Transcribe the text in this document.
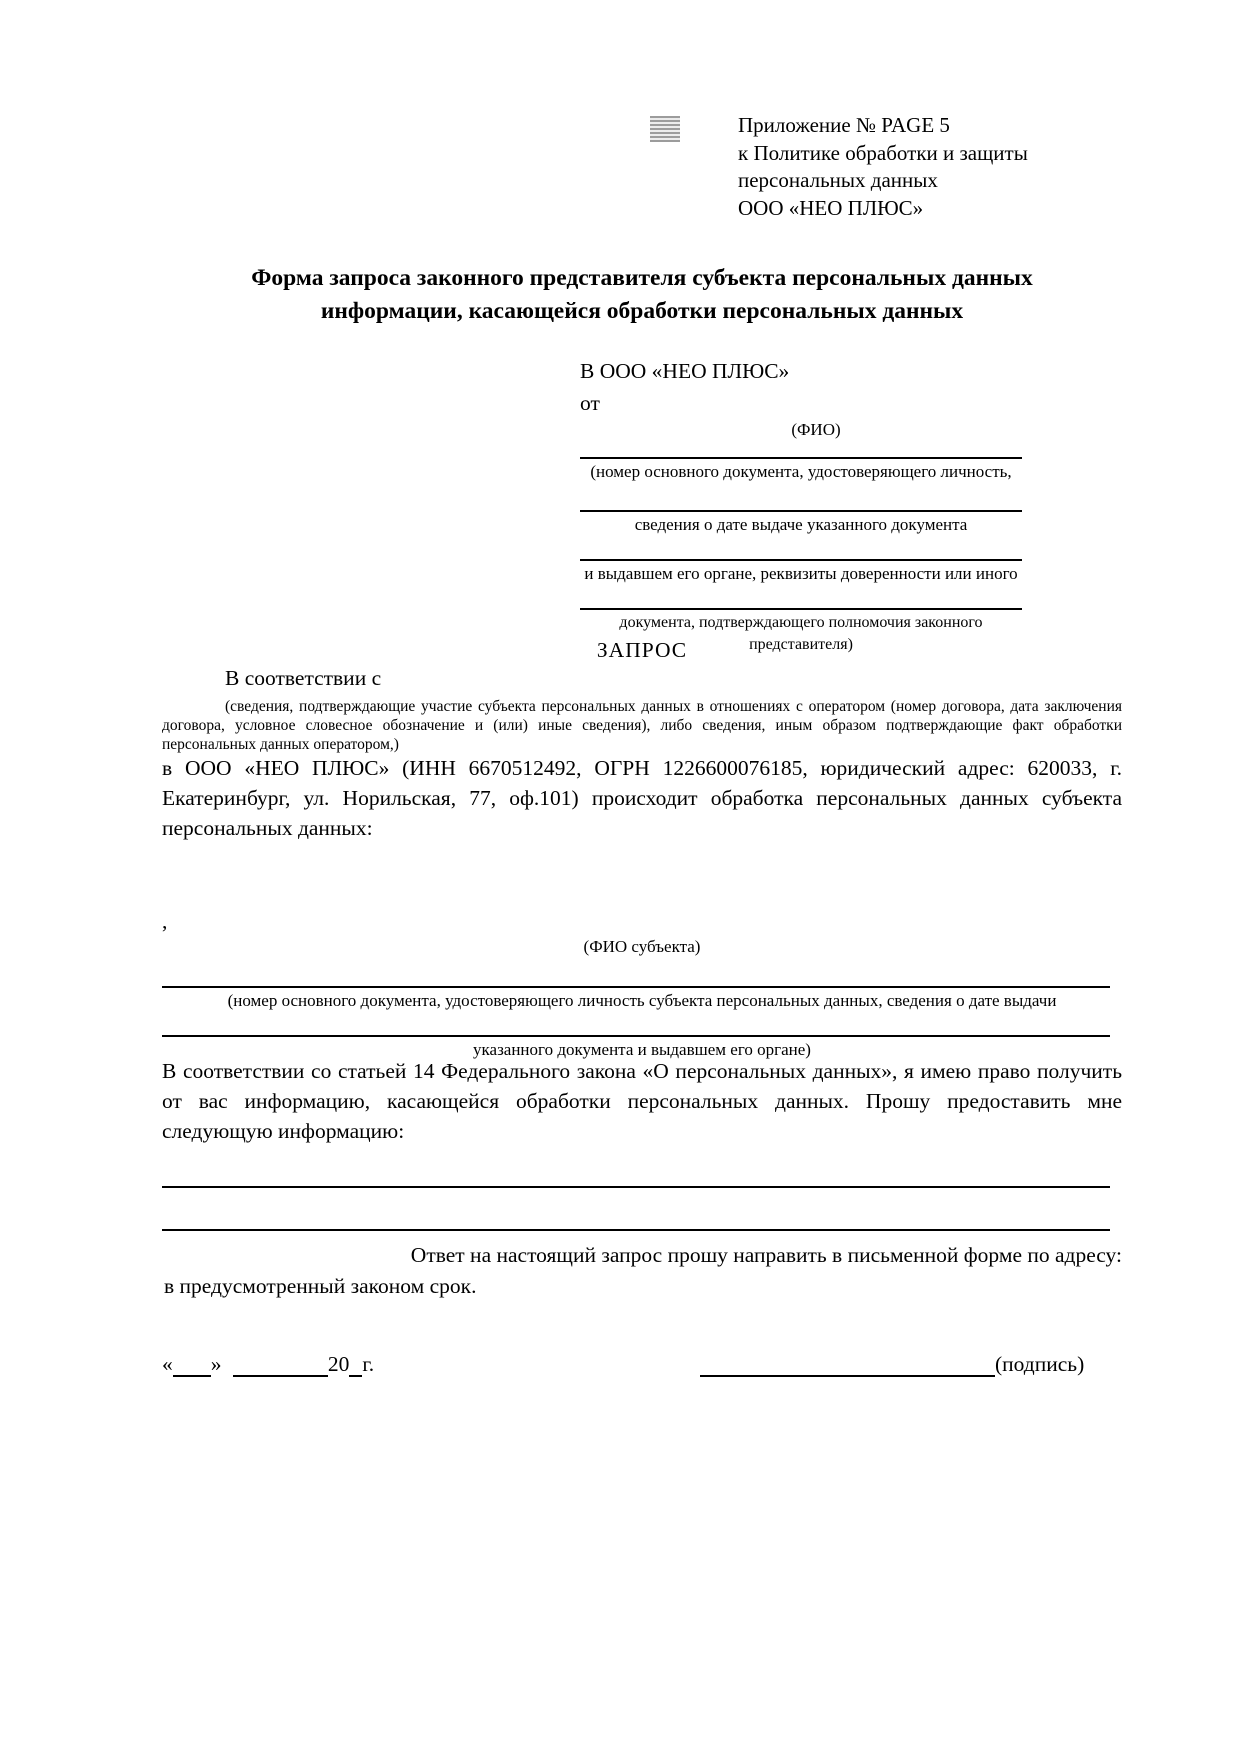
Приложение № PAGE 5
к Политике обработки и защиты
персональных данных
ООО «НЕО ПЛЮС»
Форма запроса законного представителя субъекта персональных данных
информации, касающейся обработки персональных данных
В ООО «НЕО ПЛЮС»
от
(ФИО)
(номер основного документа, удостоверяющего личность,
сведения о дате выдаче указанного документа
и выдавшем его органе, реквизиты доверенности или иного
документа, подтверждающего полномочия законного представителя)
ЗАПРОС
В соответствии с
(сведения, подтверждающие участие субъекта персональных данных в отношениях с оператором (номер договора, дата заключения договора, условное словесное обозначение и (или) иные сведения), либо сведения, иным образом подтверждающие факт обработки персональных данных оператором,)
в ООО «НЕО ПЛЮС» (ИНН 6670512492, ОГРН 1226600076185, юридический адрес: 620033, г. Екатеринбург, ул. Норильская, 77, оф.101) происходит обработка персональных данных субъекта персональных данных:
,
(ФИО субъекта)
(номер основного документа, удостоверяющего личность субъекта персональных данных, сведения о дате выдачи
указанного документа и выдавшем его органе)
В соответствии со статьей 14 Федерального закона «О персональных данных», я имею право получить от вас информацию, касающейся обработки персональных данных. Прошу предоставить мне следующую информацию:
Ответ на настоящий запрос прошу направить в письменной форме по адресу:
в предусмотренный законом срок.
« »	20 г.	(подпись)
